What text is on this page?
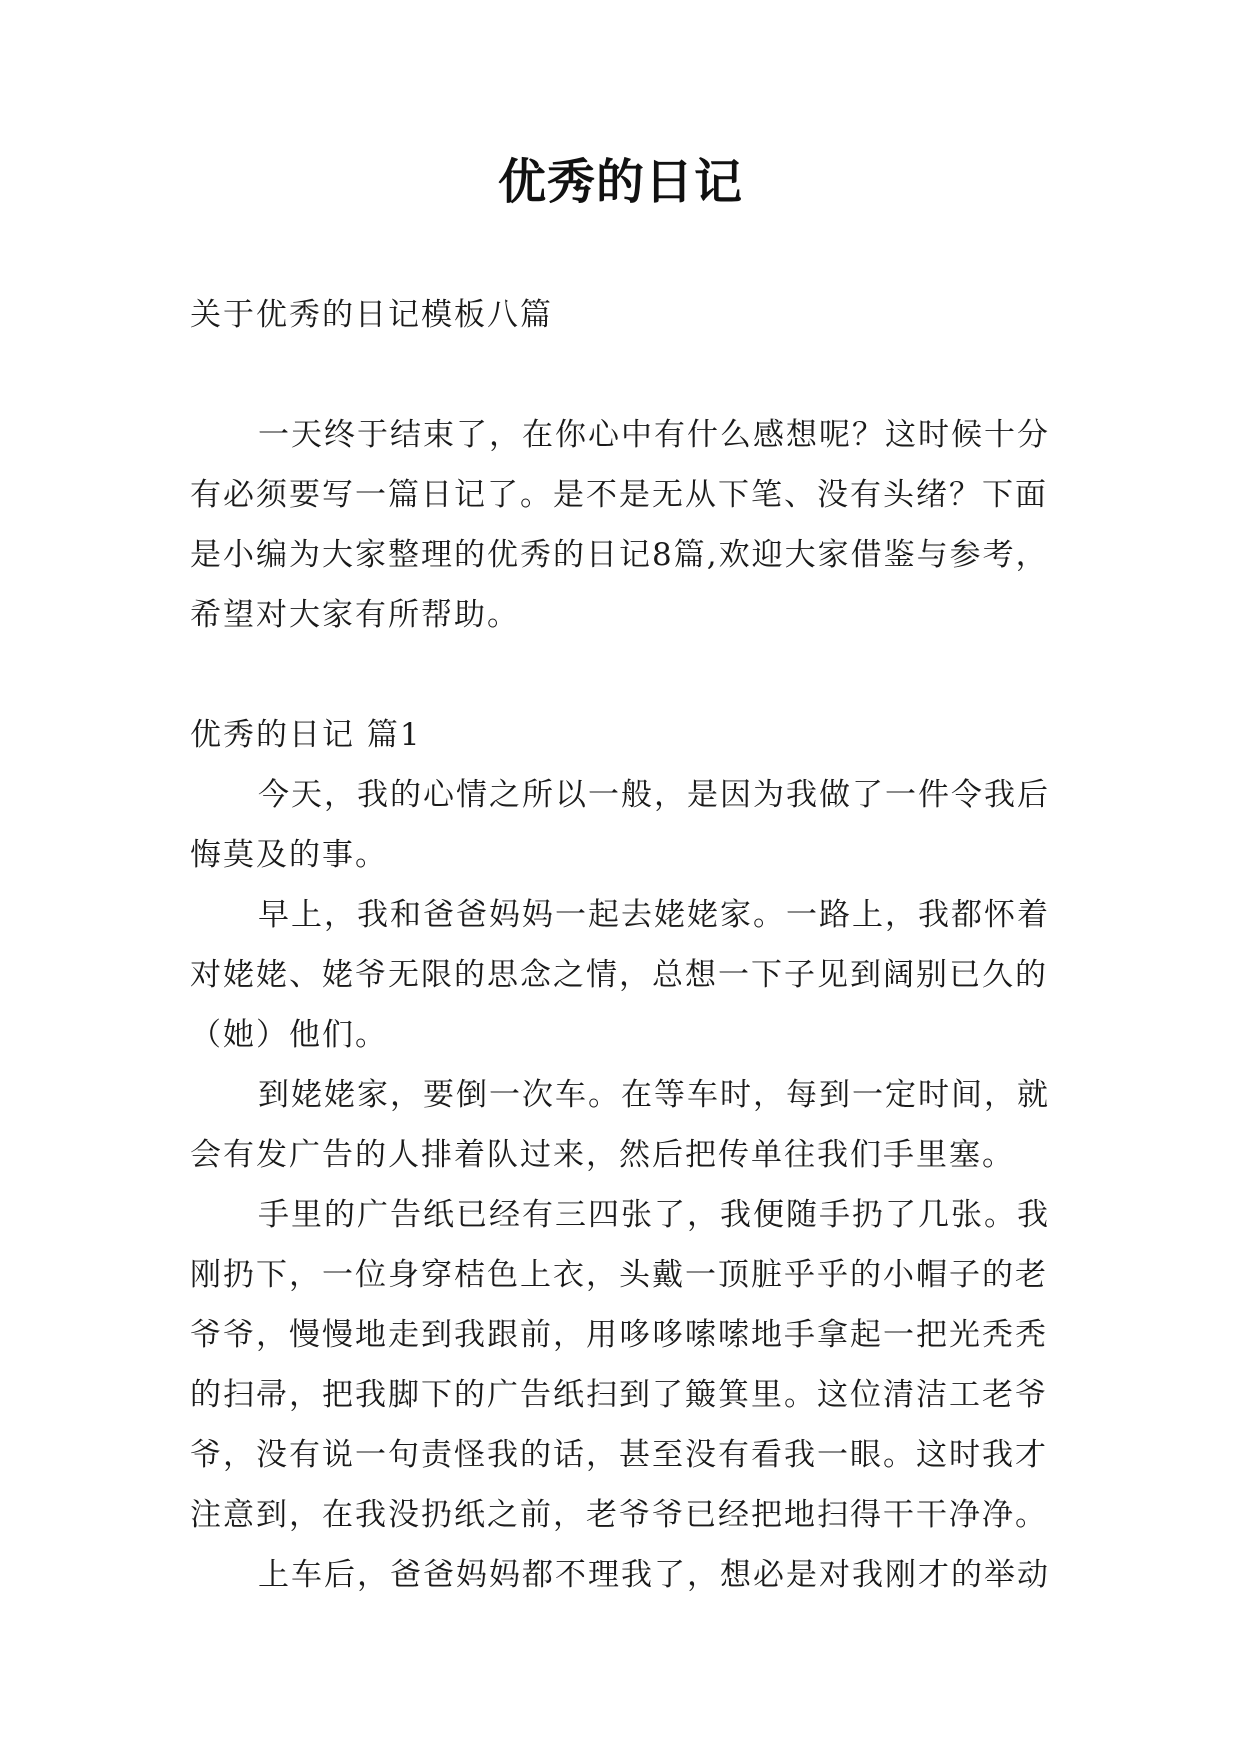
优秀的日记
关于优秀的日记模板八篇
一天终于结束了，在你心中有什么感想呢？这时候十分
有必须要写一篇日记了。是不是无从下笔、没有头绪？下面
是小编为大家整理的优秀的日记8篇,欢迎大家借鉴与参考，
希望对大家有所帮助。
优秀的日记 篇1
今天，我的心情之所以一般，是因为我做了一件令我后
悔莫及的事。
早上，我和爸爸妈妈一起去姥姥家。一路上，我都怀着
对姥姥、姥爷无限的思念之情，总想一下子见到阔别已久的
（她）他们。
到姥姥家，要倒一次车。在等车时，每到一定时间，就
会有发广告的人排着队过来，然后把传单往我们手里塞。
手里的广告纸已经有三四张了，我便随手扔了几张。我
刚扔下，一位身穿桔色上衣，头戴一顶脏乎乎的小帽子的老
爷爷，慢慢地走到我跟前，用哆哆嗦嗦地手拿起一把光秃秃
的扫帚，把我脚下的广告纸扫到了簸箕里。这位清洁工老爷
爷，没有说一句责怪我的话，甚至没有看我一眼。这时我才
注意到，在我没扔纸之前，老爷爷已经把地扫得干干净净。
上车后，爸爸妈妈都不理我了，想必是对我刚才的举动
